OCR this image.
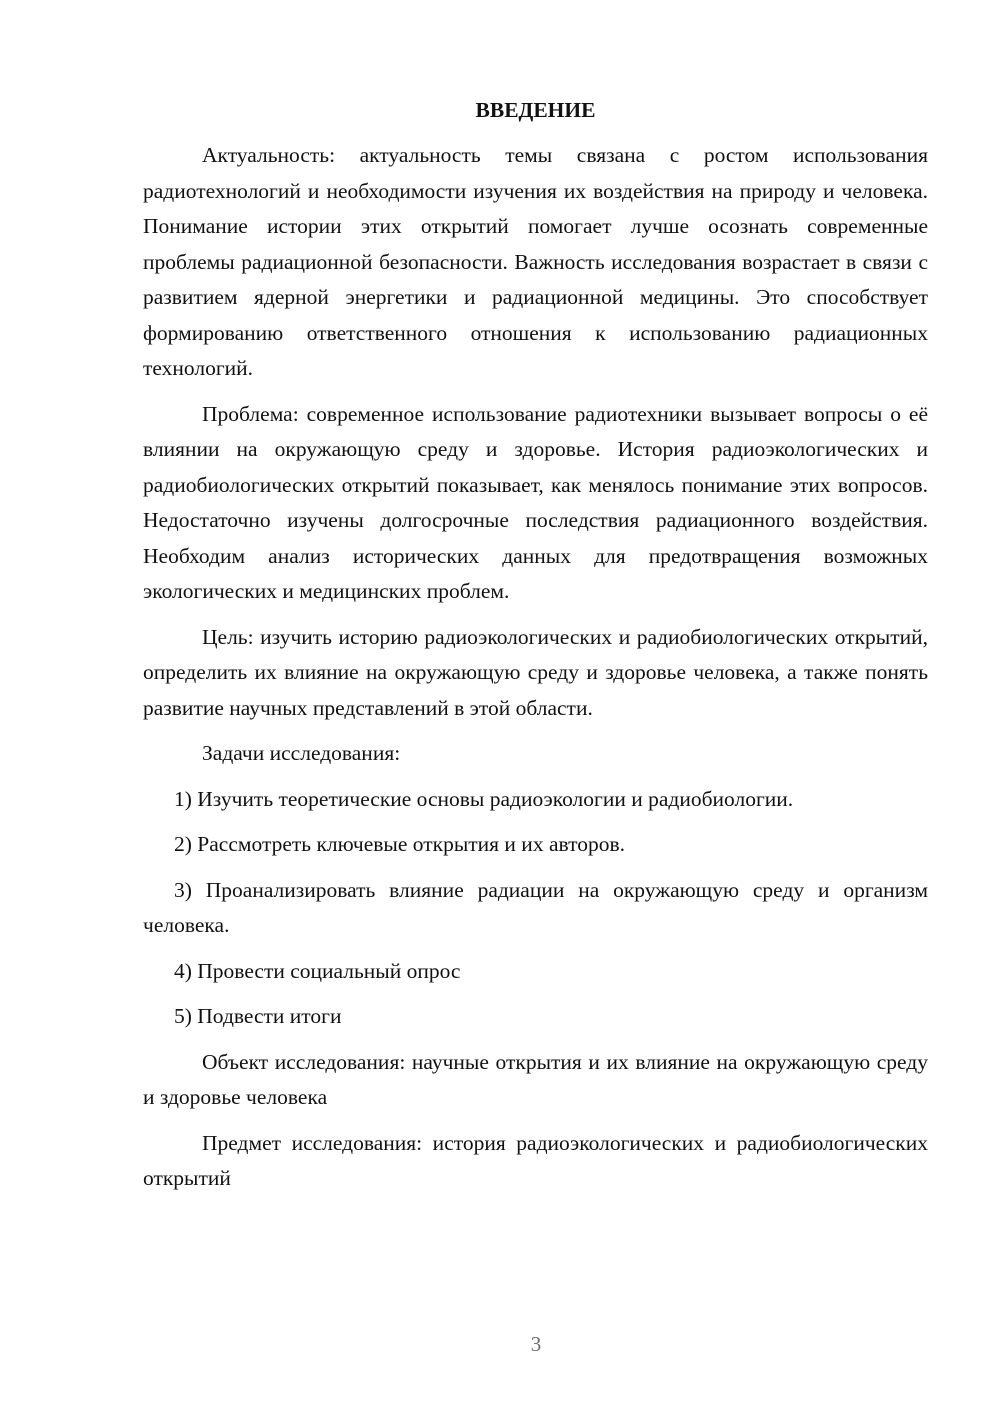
ВВЕДЕНИЕ

Актуальность: актуальность темы связана с ростом использования радиотехнологий и необходимости изучения их воздействия на природу и человека. Понимание истории этих открытий помогает лучше осознать современные проблемы радиационной безопасности. Важность исследования возрастает в связи с развитием ядерной энергетики и радиационной медицины. Это способствует формированию ответственного отношения к использованию радиационных технологий.

Проблема: современное использование радиотехники вызывает вопросы о её влиянии на окружающую среду и здоровье. История радиоэкологических и радиобиологических открытий показывает, как менялось понимание этих вопросов. Недостаточно изучены долгосрочные последствия радиационного воздействия. Необходим анализ исторических данных для предотвращения возможных экологических и медицинских проблем.

Цель: изучить историю радиоэкологических и радиобиологических открытий, определить их влияние на окружающую среду и здоровье человека, а также понять развитие научных представлений в этой области.

Задачи исследования:

1) Изучить теоретические основы радиоэкологии и радиобиологии.

2) Рассмотреть ключевые открытия и их авторов.

3) Проанализировать влияние радиации на окружающую среду и организм человека.

4) Провести социальный опрос

5) Подвести итоги

Объект исследования: научные открытия и их влияние на окружающую среду и здоровье человека

Предмет исследования: история радиоэкологических и радиобиологических открытий

3
